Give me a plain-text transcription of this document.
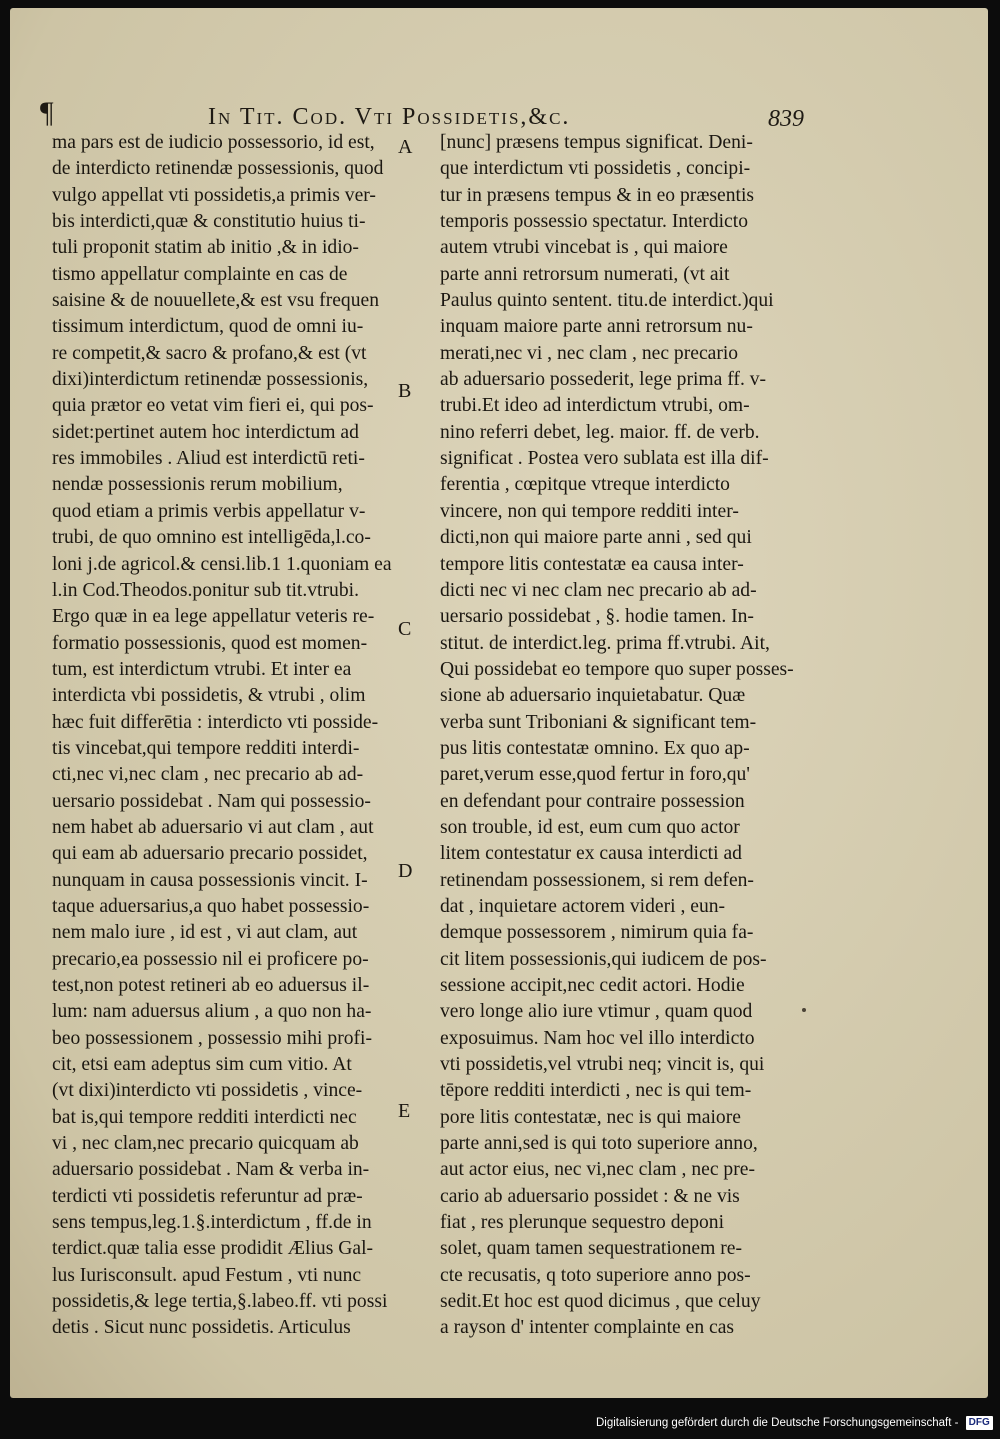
¶	In Tit. Cod. Vti Possidetis,&c.	839
ma pars est de iudicio possessorio, id est,
de interdicto retinendæ possessionis, quod
vulgo appellat vti possidetis,a primis ver-
bis interdicti,quæ & constitutio huius ti-
tuli proponit statim ab initio ,& in idio-
tismo appellatur complainte en cas de
saisine & de nouuellete,& est vsu frequen
tissimum interdictum, quod de omni iu-
re competit,& sacro & profano,& est (vt
dixi)interdictum retinendæ possessionis,
quia prætor eo vetat vim fieri ei, qui pos-
sidet:pertinet autem hoc interdictum ad
res immobiles . Aliud est interdictū reti-
nendæ possessionis rerum mobilium,
quod etiam a primis verbis appellatur v-
trubi, de quo omnino est intelligēda,l.co-
loni j.de agricol.& censi.lib.1 1.quoniam ea
l.in Cod.Theodos.ponitur sub tit.vtrubi.
Ergo quæ in ea lege appellatur veteris re-
formatio possessionis, quod est momen-
tum, est interdictum vtrubi. Et inter ea
interdicta vbi possidetis, & vtrubi , olim
hæc fuit differētia : interdicto vti posside-
tis vincebat,qui tempore redditi interdi-
cti,nec vi,nec clam , nec precario ab ad-
uersario possidebat . Nam qui possessio-
nem habet ab aduersario vi aut clam , aut
qui eam ab aduersario precario possidet,
nunquam in causa possessionis vincit. I-
taque aduersarius,a quo habet possessio-
nem malo iure , id est , vi aut clam, aut
precario,ea possessio nil ei proficere po-
test,non potest retineri ab eo aduersus il-
lum: nam aduersus alium , a quo non ha-
beo possessionem , possessio mihi profi-
cit, etsi eam adeptus sim cum vitio. At
(vt dixi)interdicto vti possidetis , vince-
bat is,qui tempore redditi interdicti nec
vi , nec clam,nec precario quicquam ab
aduersario possidebat . Nam & verba in-
terdicti vti possidetis referuntur ad præ-
sens tempus,leg.1.§.interdictum , ff.de in
terdict.quæ talia esse prodidit Ælius Gal-
lus Iurisconsult. apud Festum , vti nunc
possidetis,& lege tertia,§.labeo.ff. vti possi
detis . Sicut nunc possidetis. Articulus
[nunc] præsens tempus significat. Deni-
que interdictum vti possidetis , concipi-
tur in præsens tempus & in eo præsentis
temporis possessio spectatur. Interdicto
autem vtrubi vincebat is , qui maiore
parte anni retrorsum numerati, (vt ait
Paulus quinto sentent. titu.de interdict.)qui
inquam maiore parte anni retrorsum nu-
merati,nec vi , nec clam , nec precario
ab aduersario possederit, lege prima ff. v-
trubi.Et ideo ad interdictum vtrubi, om-
nino referri debet, leg. maior. ff. de verb.
significat . Postea vero sublata est illa dif-
ferentia , cœpitque vtreque interdicto
vincere, non qui tempore redditi inter-
dicti,non qui maiore parte anni , sed qui
tempore litis contestatæ ea causa inter-
dicti nec vi nec clam nec precario ab ad-
uersario possidebat , §. hodie tamen. In-
stitut. de interdict.leg. prima ff.vtrubi. Ait,
Qui possidebat eo tempore quo super posses-
sione ab aduersario inquietabatur. Quæ
verba sunt Triboniani & significant tem-
pus litis contestatæ omnino. Ex quo ap-
paret,verum esse,quod fertur in foro,qu'
en defendant pour contraire possession
son trouble, id est, eum cum quo actor
litem contestatur ex causa interdicti ad
retinendam possessionem, si rem defen-
dat , inquietare actorem videri , eun-
demque possessorem , nimirum quia fa-
cit litem possessionis,qui iudicem de pos-
sessione accipit,nec cedit actori. Hodie
vero longe alio iure vtimur , quam quod
exposuimus. Nam hoc vel illo interdicto
vti possidetis,vel vtrubi neq; vincit is, qui
tēpore redditi interdicti , nec is qui tem-
pore litis contestatæ, nec is qui maiore
parte anni,sed is qui toto superiore anno,
aut actor eius, nec vi,nec clam , nec pre-
cario ab aduersario possidet : & ne vis
fiat , res plerunque sequestro deponi
solet, quam tamen sequestrationem re-
cte recusatis, q toto superiore anno pos-
sedit.Et hoc est quod dicimus , que celuy
a rayson d' intenter complainte en cas
A
B
C
D
E
Digitalisierung gefördert durch die Deutsche Forschungsgemeinschaft - DFG
